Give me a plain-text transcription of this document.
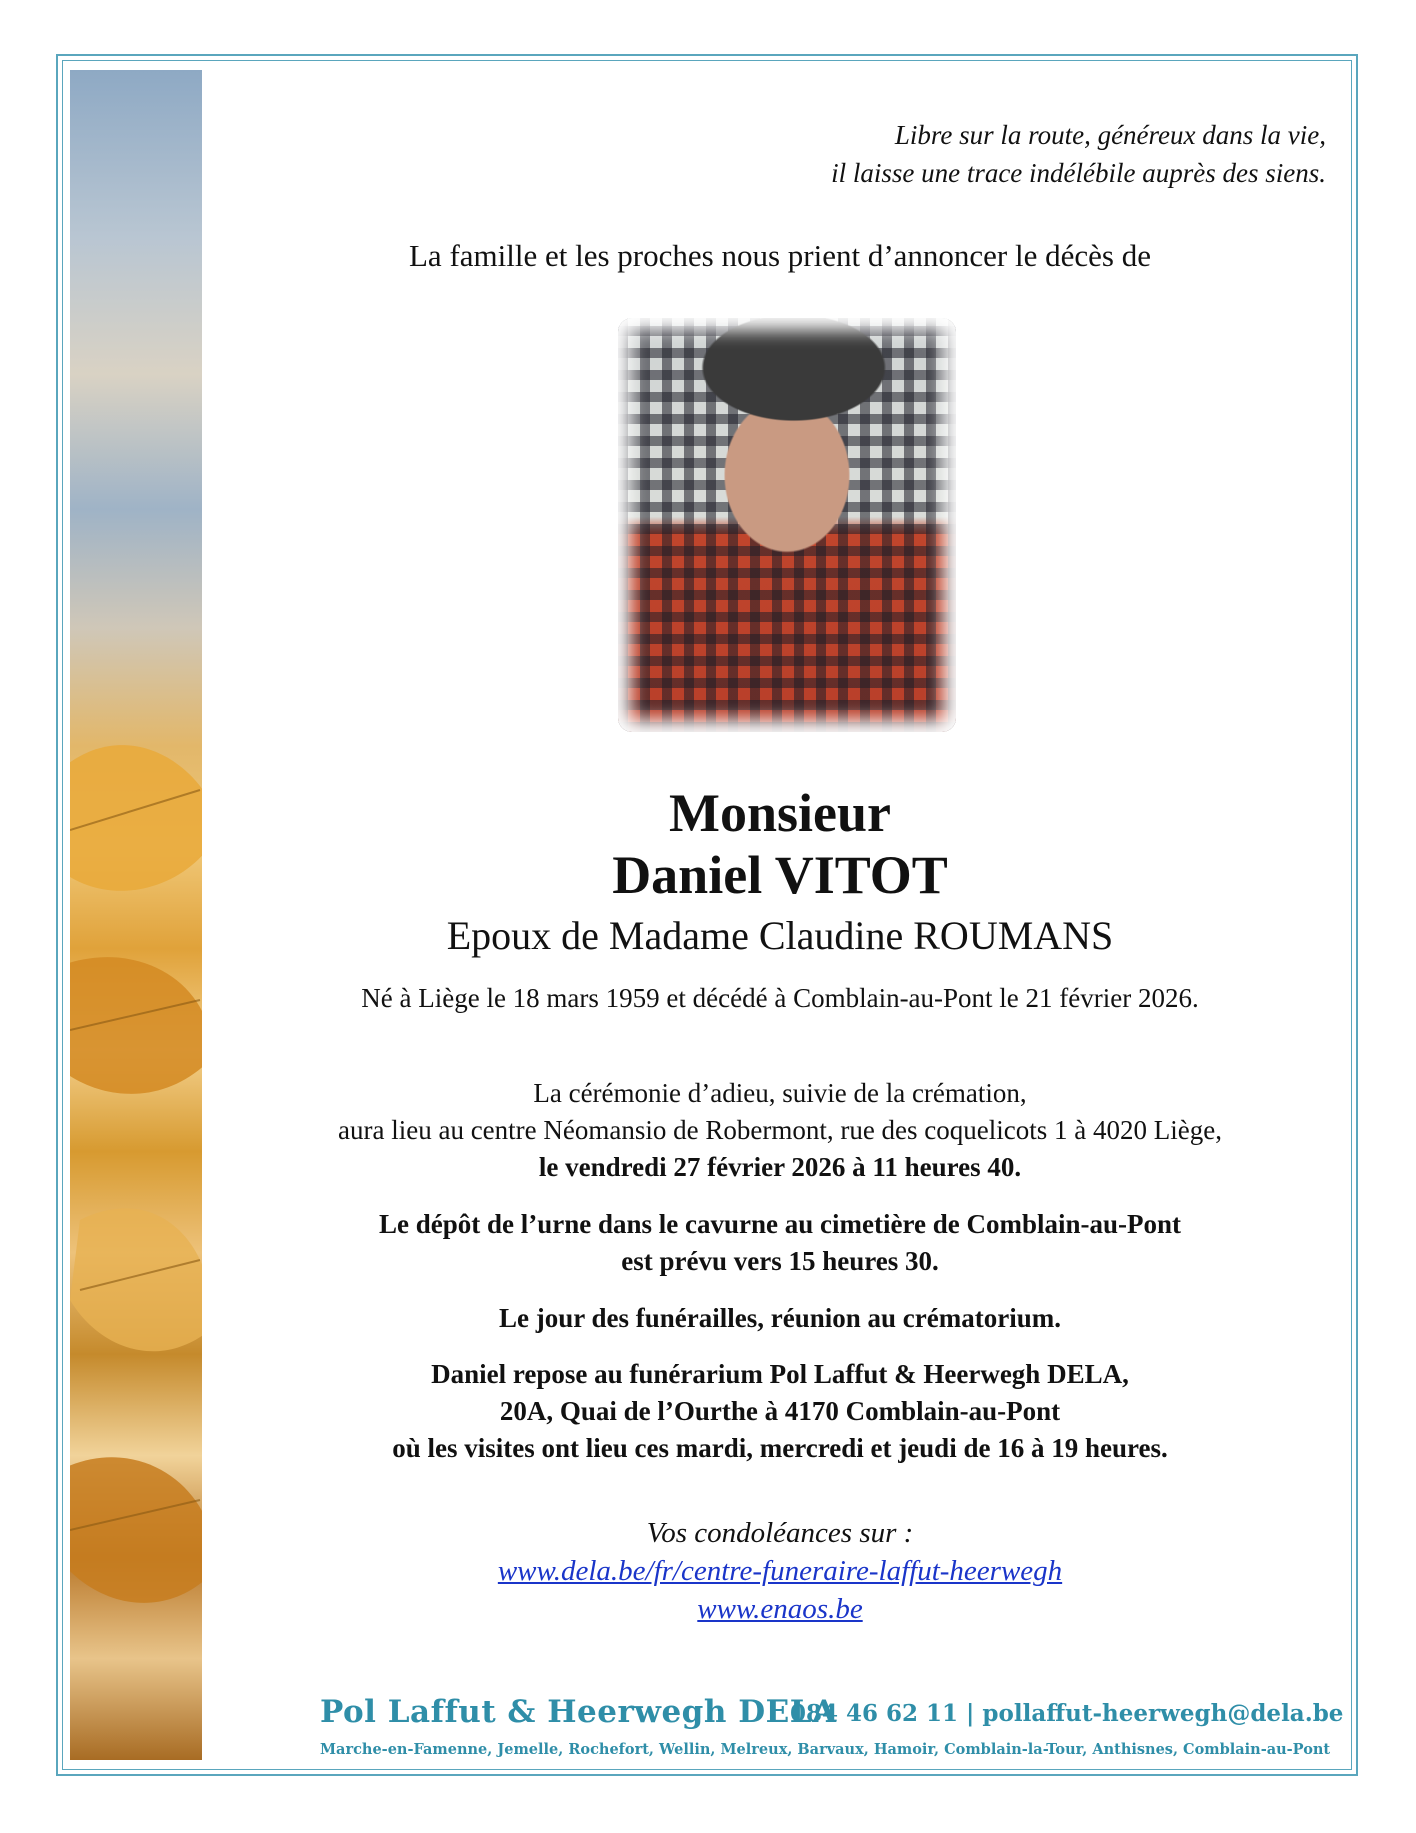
Libre sur la route, généreux dans la vie,
il laisse une trace indélébile auprès des siens.
La famille et les proches nous prient d’annoncer le décès de
Monsieur
Daniel VITOT
Epoux de Madame Claudine ROUMANS
Né à Liège le 18 mars 1959 et décédé à Comblain-au-Pont le 21 février 2026.
La cérémonie d’adieu, suivie de la crémation,
aura lieu au centre Néomansio de Robermont, rue des coquelicots 1 à 4020 Liège,
le vendredi 27 février 2026 à 11 heures 40.
Le dépôt de l’urne dans le cavurne au cimetière de Comblain-au-Pont
est prévu vers 15 heures 30.
Le jour des funérailles, réunion au crématorium.
Daniel repose au funérarium Pol Laffut & Heerwegh DELA,
20A, Quai de l’Ourthe à 4170 Comblain-au-Pont
où les visites ont lieu ces mardi, mercredi et jeudi de 16 à 19 heures.
Vos condoléances sur :
www.dela.be/fr/centre-funeraire-laffut-heerwegh
www.enaos.be
Pol Laffut & Heerwegh DELA
084 46 62 11 | pollaffut-heerwegh@dela.be
Marche-en-Famenne, Jemelle, Rochefort, Wellin, Melreux, Barvaux, Hamoir, Comblain-la-Tour, Anthisnes, Comblain-au-Pont
